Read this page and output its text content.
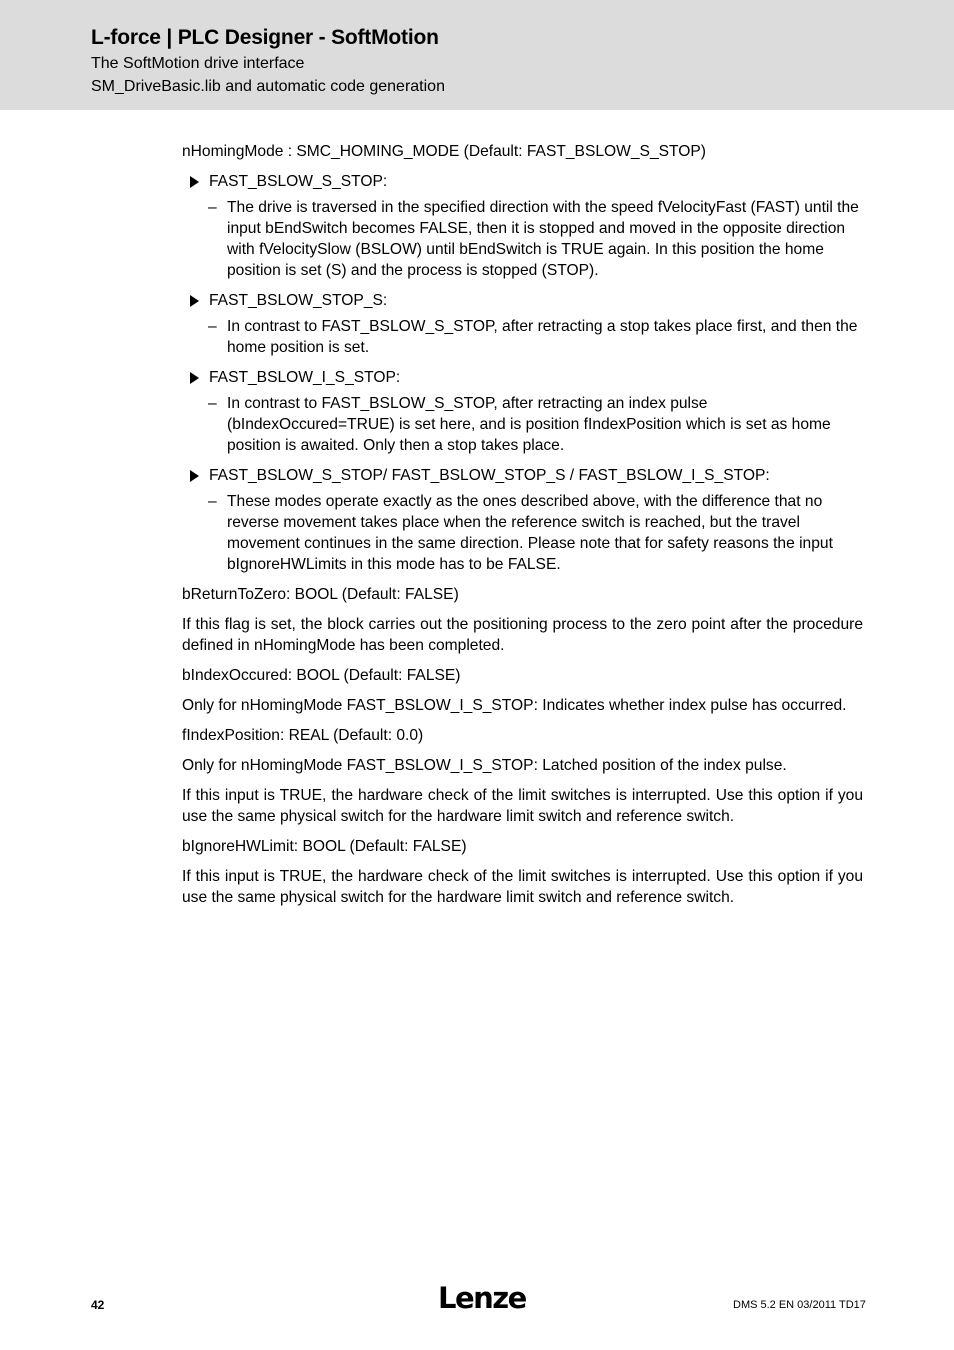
L-force | PLC Designer - SoftMotion
The SoftMotion drive interface
SM_DriveBasic.lib and automatic code generation

nHomingMode : SMC_HOMING_MODE (Default: FAST_BSLOW_S_STOP)

FAST_BSLOW_S_STOP:
– The drive is traversed in the specified direction with the speed fVelocityFast (FAST) until the input bEndSwitch becomes FALSE, then it is stopped and moved in the opposite direction with fVelocitySlow (BSLOW) until bEndSwitch is TRUE again. In this position the home position is set (S) and the process is stopped (STOP).
FAST_BSLOW_STOP_S:
– In contrast to FAST_BSLOW_S_STOP, after retracting a stop takes place first, and then the home position is set.
FAST_BSLOW_I_S_STOP:
– In contrast to FAST_BSLOW_S_STOP, after retracting an index pulse (bIndexOccured=TRUE) is set here, and is position fIndexPosition which is set as home position is awaited. Only then a stop takes place.
FAST_BSLOW_S_STOP/ FAST_BSLOW_STOP_S / FAST_BSLOW_I_S_STOP:
– These modes operate exactly as the ones described above, with the difference that no reverse movement takes place when the reference switch is reached, but the travel movement continues in the same direction. Please note that for safety reasons the input bIgnoreHWLimits in this mode has to be FALSE.

bReturnToZero: BOOL (Default: FALSE)

If this flag is set, the block carries out the positioning process to the zero point after the procedure defined in nHomingMode has been completed.

bIndexOccured: BOOL (Default: FALSE)

Only for nHomingMode FAST_BSLOW_I_S_STOP: Indicates whether index pulse has occurred.

fIndexPosition: REAL (Default: 0.0)

Only for nHomingMode FAST_BSLOW_I_S_STOP: Latched position of the index pulse.

If this input is TRUE, the hardware check of the limit switches is interrupted. Use this option if you use the same physical switch for the hardware limit switch and reference switch.

bIgnoreHWLimit: BOOL (Default: FALSE)

If this input is TRUE, the hardware check of the limit switches is interrupted. Use this option if you use the same physical switch for the hardware limit switch and reference switch.

42	Lenze	DMS 5.2 EN 03/2011 TD17
